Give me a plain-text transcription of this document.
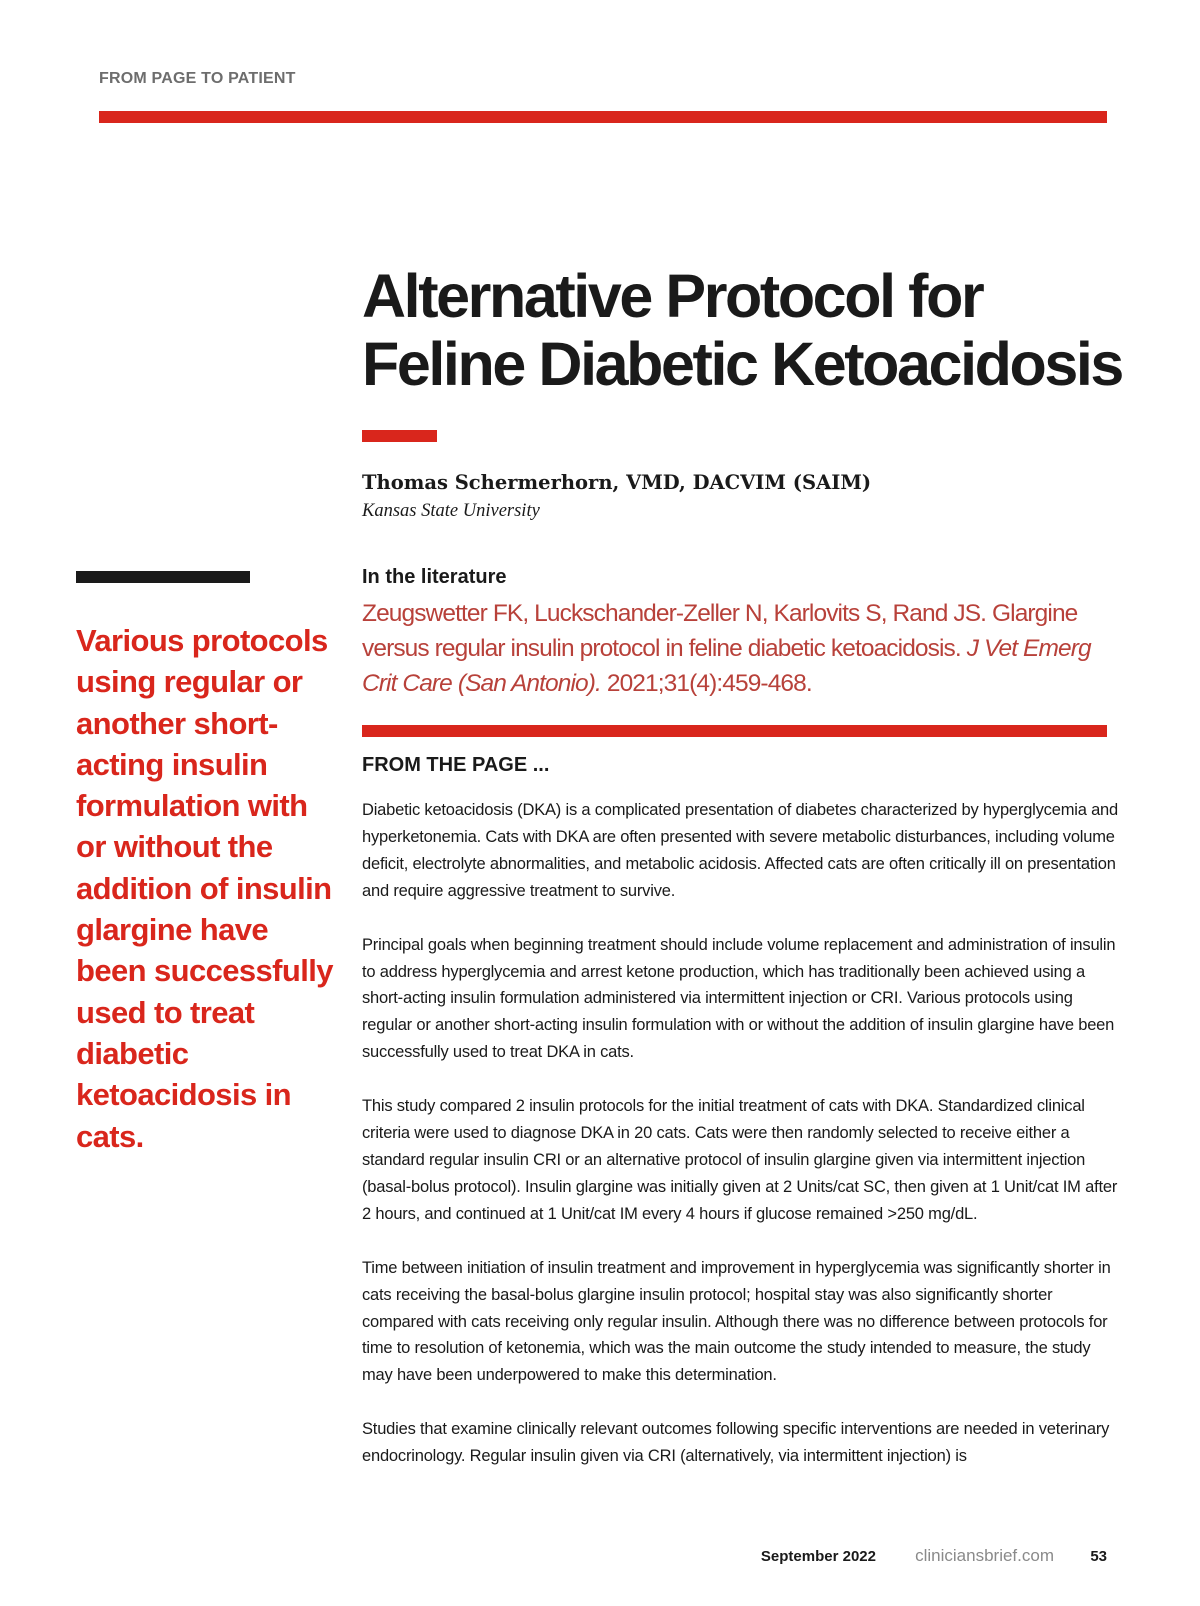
FROM PAGE TO PATIENT
Alternative Protocol for
Feline Diabetic Ketoacidosis
Thomas Schermerhorn, VMD, DACVIM (SAIM)
Kansas State University

Various protocols using regular or another short-acting insulin formulation with or without the addition of insulin glargine have been successfully used to treat diabetic ketoacidosis in cats.

In the literature

Zeugswetter FK, Luckschander-Zeller N, Karlovits S, Rand JS. Glargine versus regular insulin protocol in feline diabetic ketoacidosis. J Vet Emerg Crit Care (San Antonio). 2021;31(4):459-468.

FROM THE PAGE ...

Diabetic ketoacidosis (DKA) is a complicated presentation of diabetes characterized by hyperglycemia and hyperketonemia. Cats with DKA are often presented with severe metabolic disturbances, including volume deficit, electrolyte abnormalities, and metabolic acidosis. Affected cats are often critically ill on presentation and require aggressive treatment to survive.

Principal goals when beginning treatment should include volume replacement and administration of insulin to address hyperglycemia and arrest ketone production, which has traditionally been achieved using a short-acting insulin formulation administered via intermittent injection or CRI. Various protocols using regular or another short-acting insulin formulation with or without the addition of insulin glargine have been successfully used to treat DKA in cats.

This study compared 2 insulin protocols for the initial treatment of cats with DKA. Standardized clinical criteria were used to diagnose DKA in 20 cats. Cats were then randomly selected to receive either a standard regular insulin CRI or an alternative protocol of insulin glargine given via intermittent injection (basal-bolus protocol). Insulin glargine was initially given at 2 Units/cat SC, then given at 1 Unit/cat IM after 2 hours, and continued at 1 Unit/cat IM every 4 hours if glucose remained >250 mg/dL.

Time between initiation of insulin treatment and improvement in hyperglycemia was significantly shorter in cats receiving the basal-bolus glargine insulin protocol; hospital stay was also significantly shorter compared with cats receiving only regular insulin. Although there was no difference between protocols for time to resolution of ketonemia, which was the main outcome the study intended to measure, the study may have been underpowered to make this determination.

Studies that examine clinically relevant outcomes following specific interventions are needed in veterinary endocrinology. Regular insulin given via CRI (alternatively, via intermittent injection) is

September 2022 cliniciansbrief.com 53
